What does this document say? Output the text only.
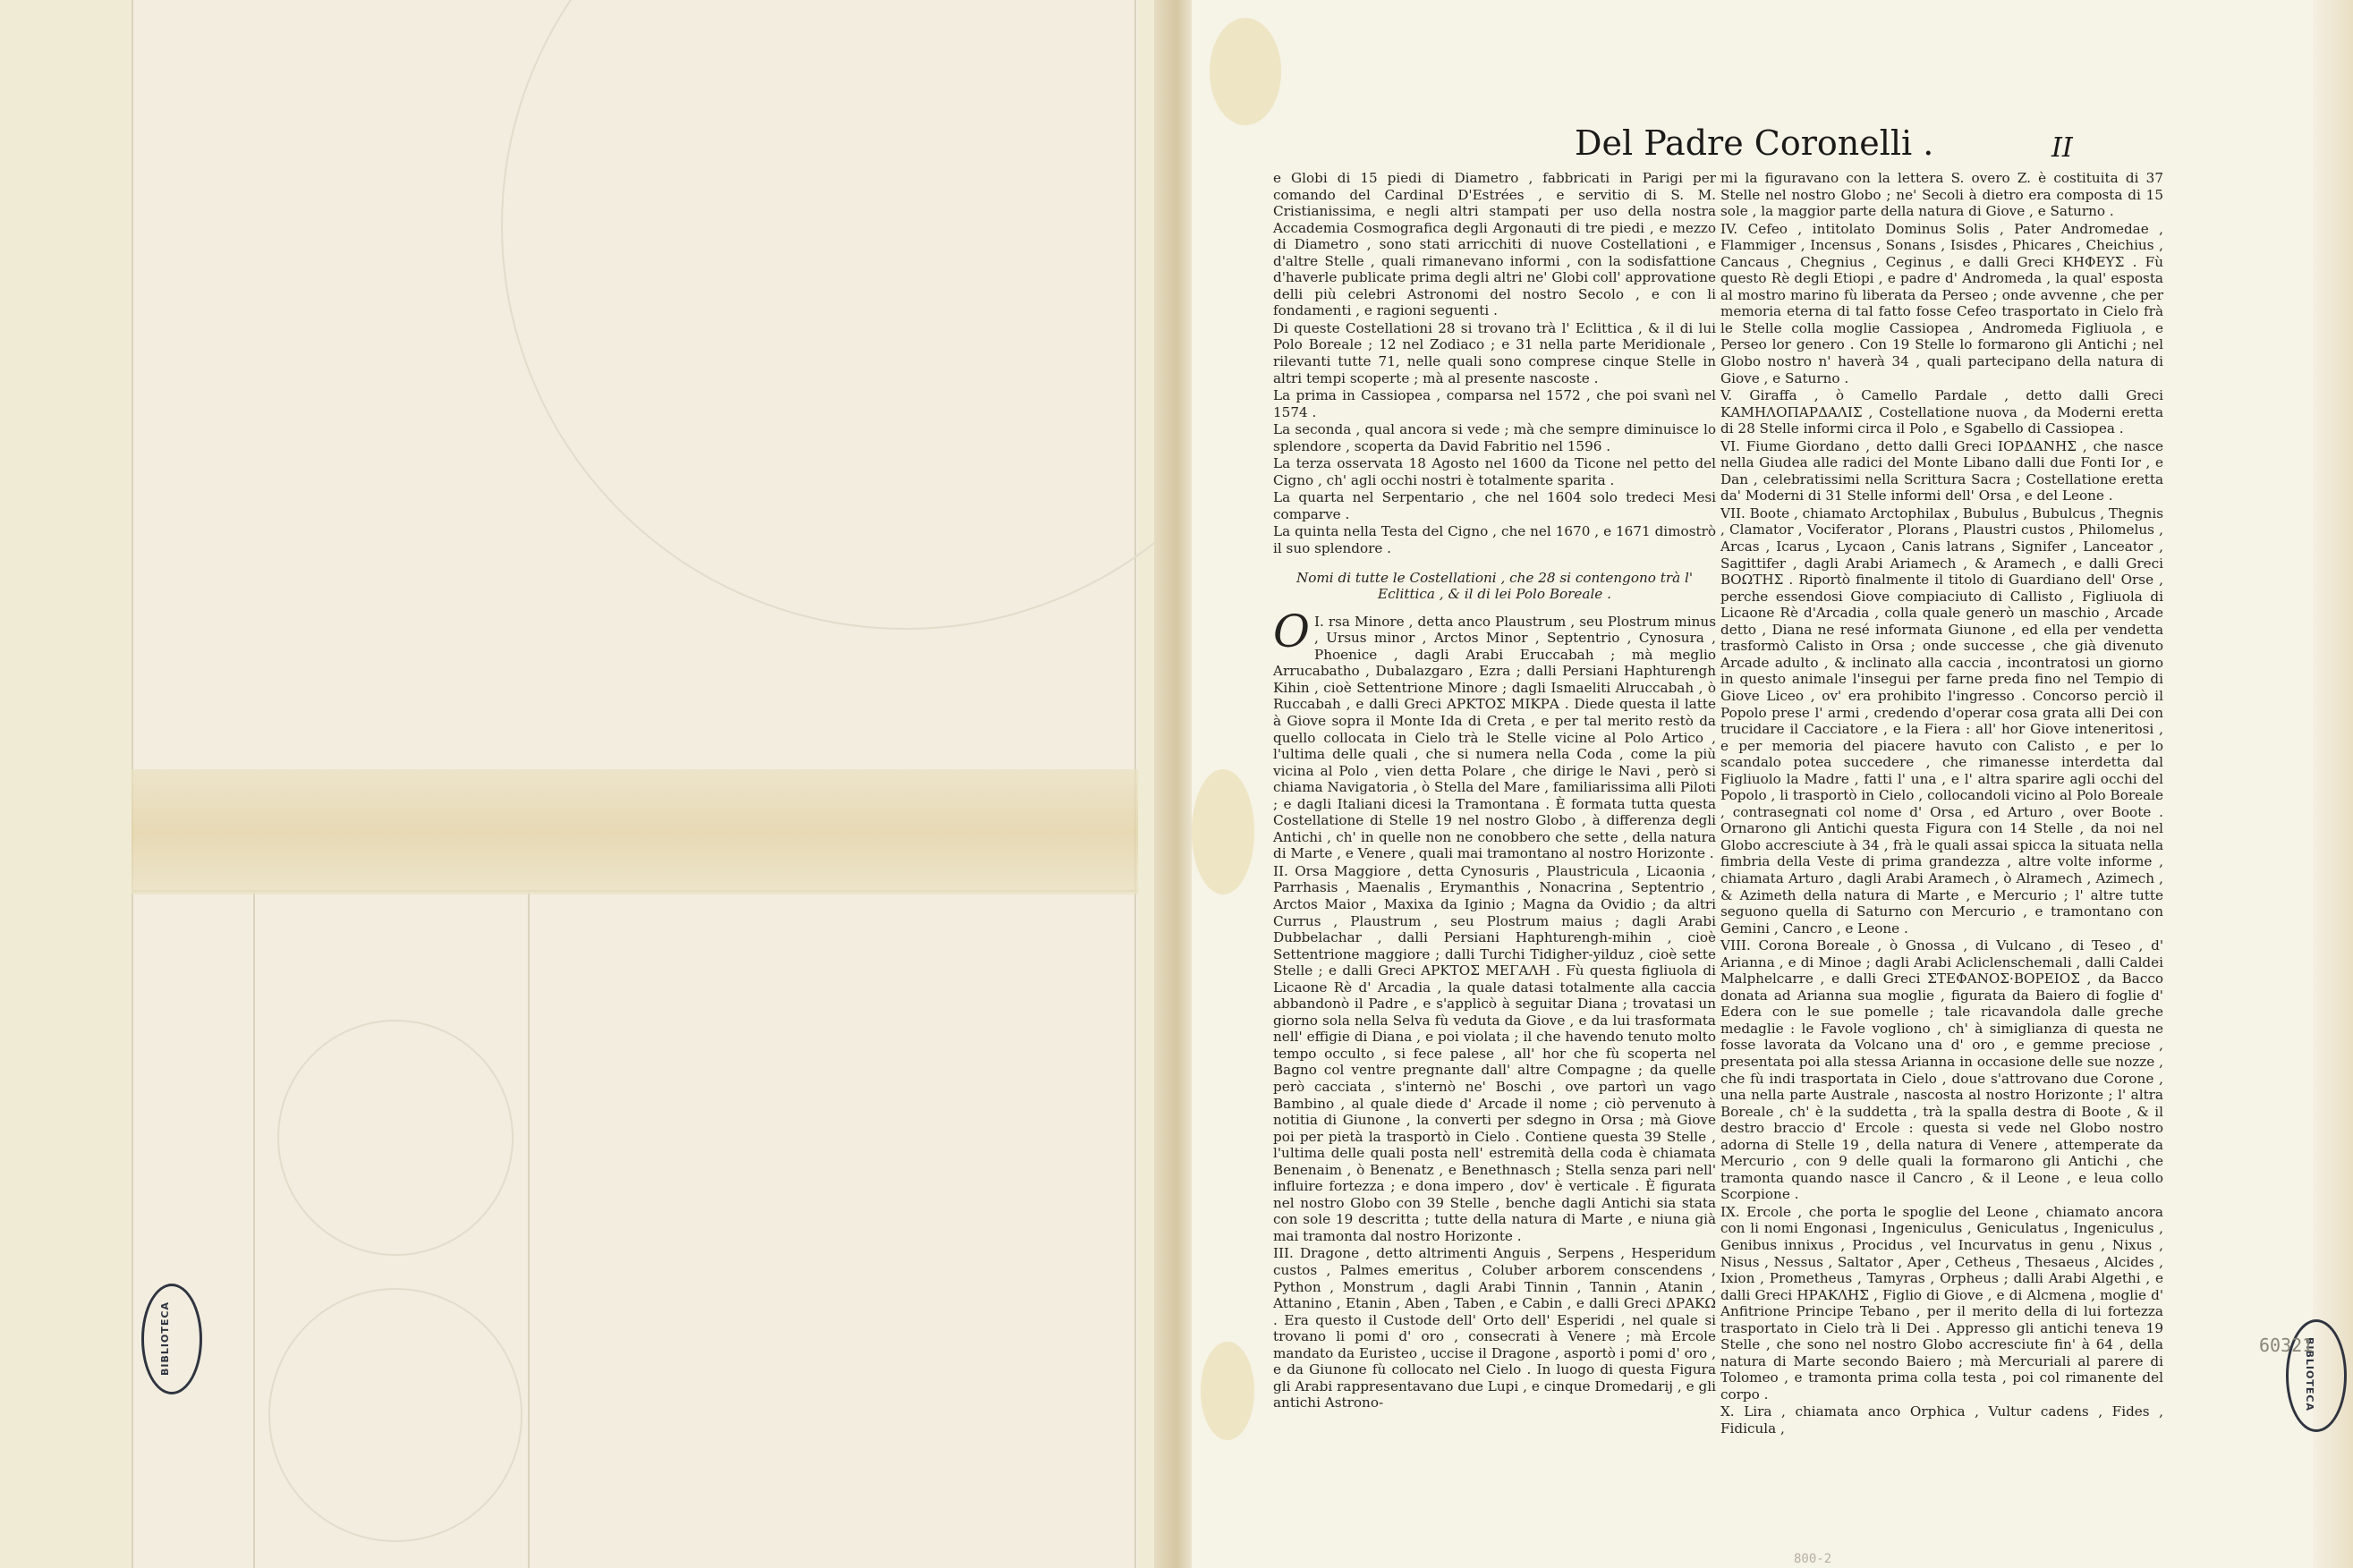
Del Padre Coronelli .	II

e Globi di 15 piedi di Diametro , fabbricati in Parigi per comando del Cardinal D'Estrées , e servitio di S. M. Cristianissima, e negli altri stampati per uso della nostra Accademia Cosmografica degli Argonauti di tre piedi , e mezzo di Diametro , sono stati arricchiti di nuove Costellationi , e d'altre Stelle , quali rimanevano informi , con la sodisfattione d'haverle publicate prima degli altri ne' Globi coll' approvatione delli più celebri Astronomi del nostro Secolo , e con li fondamenti , e ragioni seguenti .

Di queste Costellationi 28 si trovano trà l' Eclittica , & il di lui Polo Boreale ; 12 nel Zodiaco ; e 31 nella parte Meridionale , rilevanti tutte 71, nelle quali sono comprese cinque Stelle in altri tempi scoperte ; mà al presente nascoste .

La prima in Cassiopea , comparsa nel 1572 , che poi svanì nel 1574 .

La seconda , qual ancora si vede ; mà che sempre diminuisce lo splendore , scoperta da David Fabritio nel 1596 .

La terza osservata 18 Agosto nel 1600 da Ticone nel petto del Cigno , ch' agli occhi nostri è totalmente sparita .

La quarta nel Serpentario , che nel 1604 solo tredeci Mesi comparve .

La quinta nella Testa del Cigno , che nel 1670 , e 1671 dimostrò il suo splendore .

Nomi di tutte le Costellationi , che 28 si contengono trà l' Eclittica , & il di lei Polo Boreale .

I.
O rsa Minore , detta anco Plaustrum , seu Plostrum minus , Ursus minor , Arctos Minor , Septentrio , Cynosura , Phoenice , dagli Arabi Eruccabah ; mà meglio Arrucabatho , Dubalazgaro , Ezra ; dalli Persiani Haphturengh Kihin , cioè Settentrione Minore ; dagli Ismaeliti Alruccabah , ò Ruccabah , e dalli Greci ΑΡΚΤΟΣ ΜΙΚΡΑ . Diede questa il latte à Giove sopra il Monte Ida di Creta , e per tal merito restò da quello collocata in Cielo trà le Stelle vicine al Polo Artico , l'ultima delle quali , che si numera nella Coda , come la più vicina al Polo , vien detta Polare , che dirige le Navi , però si chiama Navigatoria , ò Stella del Mare , familiarissima alli Piloti ; e dagli Italiani dicesi la Tramontana . È formata tutta questa Costellatione di Stelle 19 nel nostro Globo , à differenza degli Antichi , ch' in quelle non ne conobbero che sette , della natura di Marte , e Venere , quali mai tramontano al nostro Horizonte .

II. Orsa Maggiore , detta Cynosuris , Plaustricula , Licaonia , Parrhasis , Maenalis , Erymanthis , Nonacrina , Septentrio , Arctos Maior , Maxixa da Iginio ; Magna da Ovidio ; da altri Currus , Plaustrum , seu Plostrum maius ; dagli Arabi Dubbelachar , dalli Persiani Haphturengh-mihin , cioè Settentrione maggiore ; dalli Turchi Tidigher-yilduz , cioè sette Stelle ; e dalli Greci ΑΡΚΤΟΣ ΜΕΓΑΛΗ . Fù questa figliuola di Licaone Rè d' Arcadia , la quale datasi totalmente alla caccia abbandonò il Padre , e s'applicò à seguitar Diana ; trovatasi un giorno sola nella Selva fù veduta da Giove , e da lui trasformata nell' effigie di Diana , e poi violata ; il che havendo tenuto molto tempo occulto , si fece palese , all' hor che fù scoperta nel Bagno col ventre pregnante dall' altre Compagne ; da quelle però cacciata , s'internò ne' Boschi , ove partorì un vago Bambino , al quale diede d' Arcade il nome ; ciò pervenuto à notitia di Giunone , la converti per sdegno in Orsa ; mà Giove poi per pietà la trasportò in Cielo . Contiene questa 39 Stelle , l'ultima delle quali posta nell' estremità della coda è chiamata Benenaim , ò Benenatz , e Benethnasch ; Stella senza pari nell' influire fortezza ; e dona impero , dov' è verticale . È figurata nel nostro Globo con 39 Stelle , benche dagli Antichi sia stata con sole 19 descritta ; tutte della natura di Marte , e niuna già mai tramonta dal nostro Horizonte .

III. Dragone , detto altrimenti Anguis , Serpens , Hesperidum custos , Palmes emeritus , Coluber arborem conscendens , Python , Monstrum , dagli Arabi Tinnin , Tannin , Atanin , Attanino , Etanin , Aben , Taben , e Cabin , e dalli Greci ΔΡΑΚΩ . Era questo il Custode dell' Orto dell' Esperidi , nel quale si trovano li pomi d' oro , consecrati à Venere ; mà Ercole mandato da Euristeo , uccise il Dragone , asportò i pomi d' oro , e da Giunone fù collocato nel Cielo . In luogo di questa Figura gli Arabi rappresentavano due Lupi , e cinque Dromedarij , e gli antichi Astrono-

mi la figuravano con la lettera S. overo Z. è costituita di 37 Stelle nel nostro Globo ; ne' Secoli à dietro era composta di 15 sole , la maggior parte della natura di Giove , e Saturno .

IV. Cefeo , intitolato Dominus Solis , Pater Andromedae , Flammiger , Incensus , Sonans , Isisdes , Phicares , Cheichius , Cancaus , Chegnius , Ceginus , e dalli Greci ΚΗΦΕΥΣ . Fù questo Rè degli Etiopi , e padre d' Andromeda , la qual' esposta al mostro marino fù liberata da Perseo ; onde avvenne , che per memoria eterna di tal fatto fosse Cefeo trasportato in Cielo frà le Stelle colla moglie Cassiopea , Andromeda Figliuola , e Perseo lor genero . Con 19 Stelle lo formarono gli Antichi ; nel Globo nostro n' haverà 34 , quali partecipano della natura di Giove , e Saturno .

V. Giraffa , ò Camello Pardale , detto dalli Greci ΚΑΜΗΛΟΠΑΡΔΑΛΙΣ , Costellatione nuova , da Moderni eretta di 28 Stelle informi circa il Polo , e Sgabello di Cassiopea .

VI. Fiume Giordano , detto dalli Greci ΙΟΡΔΑΝΗΣ , che nasce nella Giudea alle radici del Monte Libano dalli due Fonti Ior , e Dan , celebratissimi nella Scrittura Sacra ; Costellatione eretta da' Moderni di 31 Stelle informi dell' Orsa , e del Leone .

VII. Boote , chiamato Arctophilax , Bubulus , Bubulcus , Thegnis , Clamator , Vociferator , Plorans , Plaustri custos , Philomelus , Arcas , Icarus , Lycaon , Canis latrans , Signifer , Lanceator , Sagittifer , dagli Arabi Ariamech , & Aramech , e dalli Greci ΒΟΩΤΗΣ . Riportò finalmente il titolo di Guardiano dell' Orse , perche essendosi Giove compiaciuto di Callisto , Figliuola di Licaone Rè d'Arcadia , colla quale generò un maschio , Arcade detto , Diana ne resé informata Giunone , ed ella per vendetta trasformò Calisto in Orsa ; onde successe , che già divenuto Arcade adulto , & inclinato alla caccia , incontratosi un giorno in questo animale l'insegui per farne preda fino nel Tempio di Giove Liceo , ov' era prohibito l'ingresso . Concorso perciò il Popolo prese l' armi , credendo d'operar cosa grata alli Dei con trucidare il Cacciatore , e la Fiera : all' hor Giove inteneritosi , e per memoria del piacere havuto con Calisto , e per lo scandalo potea succedere , che rimanesse interdetta dal Figliuolo la Madre , fatti l' una , e l' altra sparire agli occhi del Popolo , li trasportò in Cielo , collocandoli vicino al Polo Boreale , contrasegnati col nome d' Orsa , ed Arturo , over Boote . Ornarono gli Antichi questa Figura con 14 Stelle , da noi nel Globo accresciute à 34 , frà le quali assai spicca la situata nella fimbria della Veste di prima grandezza , altre volte informe , chiamata Arturo , dagli Arabi Aramech , ò Alramech , Azimech , & Azimeth della natura di Marte , e Mercurio ; l' altre tutte seguono quella di Saturno con Mercurio , e tramontano con Gemini , Cancro , e Leone .

VIII. Corona Boreale , ò Gnossa , di Vulcano , di Teseo , d' Arianna , e di Minoe ; dagli Arabi Acliclenschemali , dalli Caldei Malphelcarre , e dalli Greci ΣΤΕΦΑΝΟΣ·ΒΟΡΕΙΟΣ , da Bacco donata ad Arianna sua moglie , figurata da Baiero di foglie d' Edera con le sue pomelle ; tale ricavandola dalle greche medaglie : le Favole vogliono , ch' à simiglianza di questa ne fosse lavorata da Volcano una d' oro , e gemme preciose , presentata poi alla stessa Arianna in occasione delle sue nozze , che fù indi trasportata in Cielo , doue s'attrovano due Corone , una nella parte Australe , nascosta al nostro Horizonte ; l' altra Boreale , ch' è la suddetta , trà la spalla destra di Boote , & il destro braccio d' Ercole : questa si vede nel Globo nostro adorna di Stelle 19 , della natura di Venere , attemperate da Mercurio , con 9 delle quali la formarono gli Antichi , che tramonta quando nasce il Cancro , & il Leone , e leua collo Scorpione .

IX. Ercole , che porta le spoglie del Leone , chiamato ancora con li nomi Engonasi , Ingeniculus , Geniculatus , Ingeniculus , Genibus innixus , Procidus , vel Incurvatus in genu , Nixus , Nisus , Nessus , Saltator , Aper , Cetheus , Thesaeus , Alcides , Ixion , Prometheus , Tamyras , Orpheus ; dalli Arabi Algethi , e dalli Greci ΗΡΑΚΛΗΣ , Figlio di Giove , e di Alcmena , moglie d' Anfitrione Principe Tebano , per il merito della di lui fortezza trasportato in Cielo trà li Dei . Appresso gli antichi teneva 19 Stelle , che sono nel nostro Globo accresciute fin' à 64 , della natura di Marte secondo Baiero ; mà Mercuriali al parere di Tolomeo , e tramonta prima colla testa , poi col rimanente del corpo .

X. Lira , chiamata anco Orphica , Vultur cadens , Fides , Fidicula ,

BIBLIOTECA	BIBLIOTECA
60321
800-2
